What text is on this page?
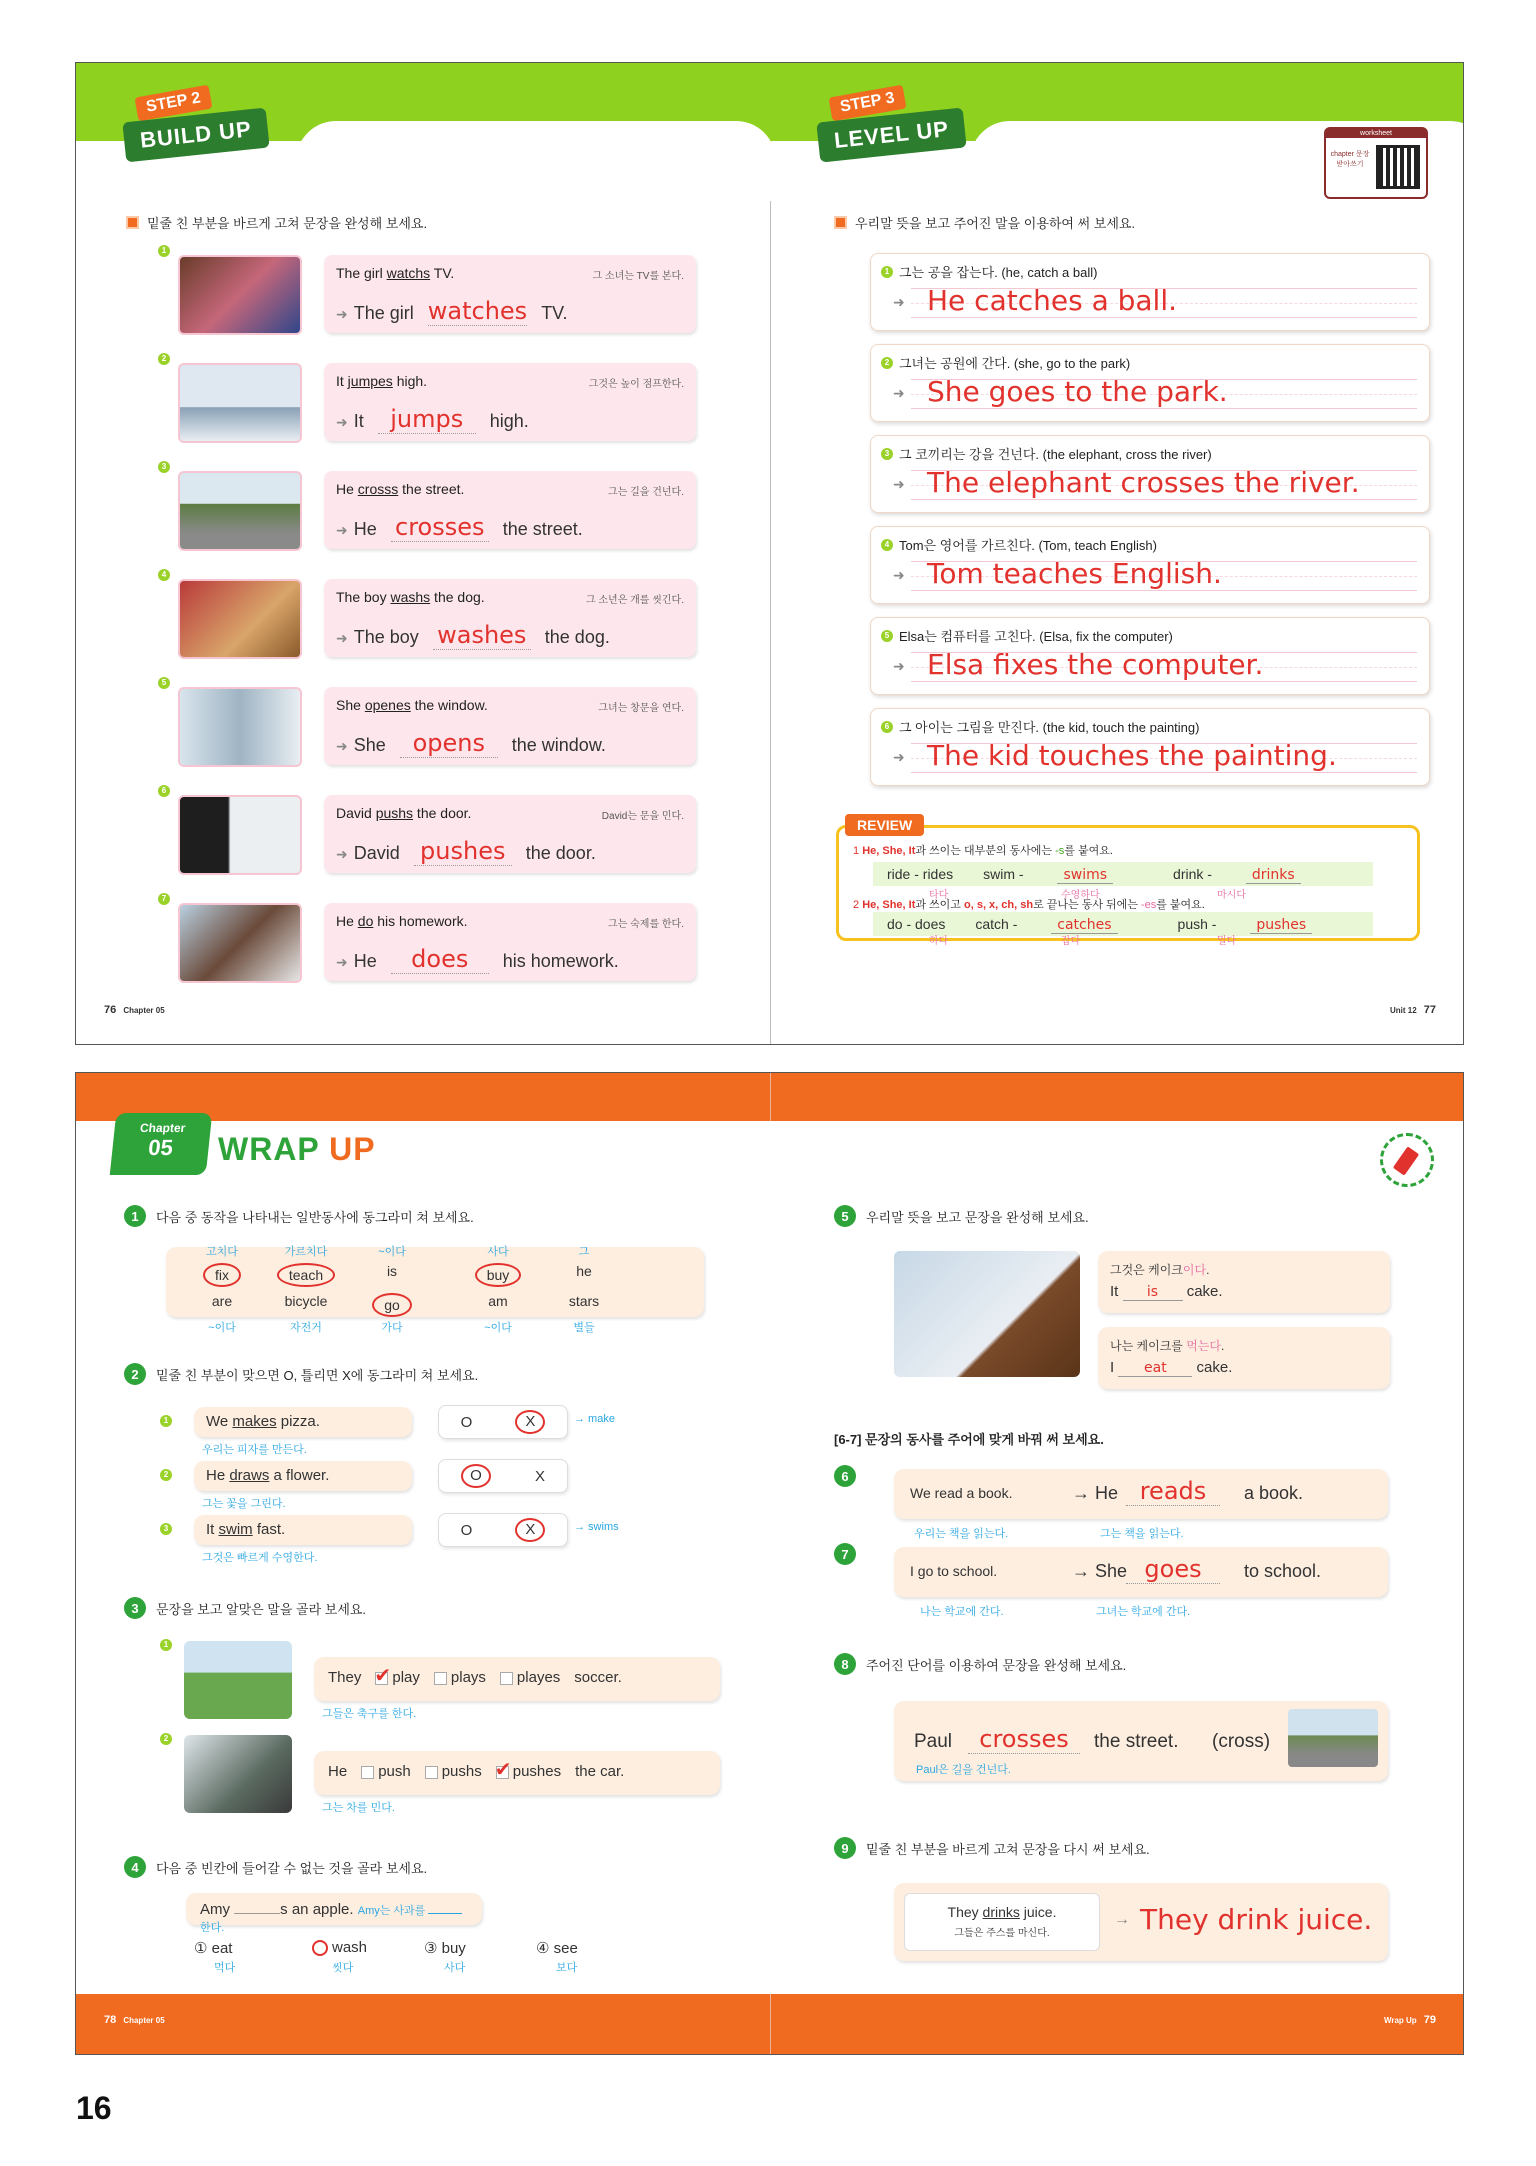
STEP 2
BUILD UP
밑줄 친 부분을 바르게 고쳐 문장을 완성해 보세요.
1
The girl watchs TV.	그 소녀는 TV를 본다.
➜ The girl watches TV.
2
It jumpes high.	그것은 높이 점프한다.
➜ It	jumps	high.
3
He crosss the street.	그는 길을 건넌다.
➜ He crosses the street.
4
The boy washs the dog.	그 소년은 개를 씻긴다.
➜ The boy washes the dog.
5
She openes the window.	그녀는 창문을 연다.
➜ She	opens	the window.
6
David pushs the door.	David는 문을 민다.
➜ David pushes	the door.
7
He do his homework.	그는 숙제를 한다.
➜ He	does	his homework.
76 Chapter 05
STEP 3
LEVEL UP	worksheet
chapter 문장 받아쓰기
우리말 뜻을 보고 주어진 말을 이용하여 써 보세요.
1 그는 공을 잡는다. (he, catch a ball)
➜ He catches a ball.
2 그녀는 공원에 간다. (she, go to the park)
➜ She goes to the park.
3 그 코끼리는 강을 건넌다. (the elephant, cross the river)
➜ The elephant crosses the river.
4 Tom은 영어를 가르친다. (Tom, teach English)
➜ Tom teaches English.
5 Elsa는 컴퓨터를 고친다. (Elsa, fix the computer)
➜ Elsa fixes the computer.
6 그 아이는 그림을 만진다. (the kid, touch the painting)
➜ The kid touches the painting.
REVIEW
1 He, She, It과 쓰이는 대부분의 동사에는 -s를 붙여요.
ride - rides swim -	swims	drink -	drinks
타다	수영하다	마시다
2 He, She, It과 쓰이고 o, s, x, ch, sh로 끝나는 동사 뒤에는 -es를 붙여요.
do - does catch -	catches	push -	pushes
하다	잡다	밀다
Unit 12 77
Chapter
05	WRAP UP
1	다음 중 동작을 나타내는 일반동사에 동그라미 쳐 보세요.
fix
고치다
teach
가르치다
is
~이다
buy
사다
he
그
are
~이다
bicycle
자전거
go
가다
am
~이다
stars
별들
2	밑줄 친 부분이 맞으면 O, 틀리면 X에 동그라미 쳐 보세요.
1	We makes pizza.
우리는 피자를 만든다.
O	X	→ make
2	He draws a flower.
그는 꽃을 그린다.
O	X
3	It swim fast.
그것은 빠르게 수영한다.
O	X	→ swims
3	문장을 보고 알맞은 말을 골라 보세요.
1
They ✔ play plays playes soccer.
그들은 축구를 한다.
2
He push pushs ✔ pushes the car.
그는 차를 민다.
4	다음 중 빈칸에 들어갈 수 없는 것을 골라 보세요.
Amy	s an apple. Amy는 사과를 한다.
① eat
먹다
wash
씻다
③ buy
사다
④ see
보다
78 Chapter 05
5	우리말 뜻을 보고 문장을 완성해 보세요.
그것은 케이크이다.
It is cake.
나는 케이크를 먹는다.
I eat cake.
[6-7] 문장의 동사를 주어에 맞게 바꿔 써 보세요.
6
We read a book.	→ He reads	a book.
우리는 책을 읽는다.	그는 책을 읽는다.
7
I go to school.	→ She goes	to school.
나는 학교에 간다.	그녀는 학교에 간다.
8	주어진 단어를 이용하여 문장을 완성해 보세요.
Paul	crosses	the street. (cross)
Paul은 길을 건넌다.
9	밑줄 친 부분을 바르게 고쳐 문장을 다시 써 보세요.
They drinks juice.
그들은 주스를 마신다.
→ They drink juice.
Wrap Up 79
16
